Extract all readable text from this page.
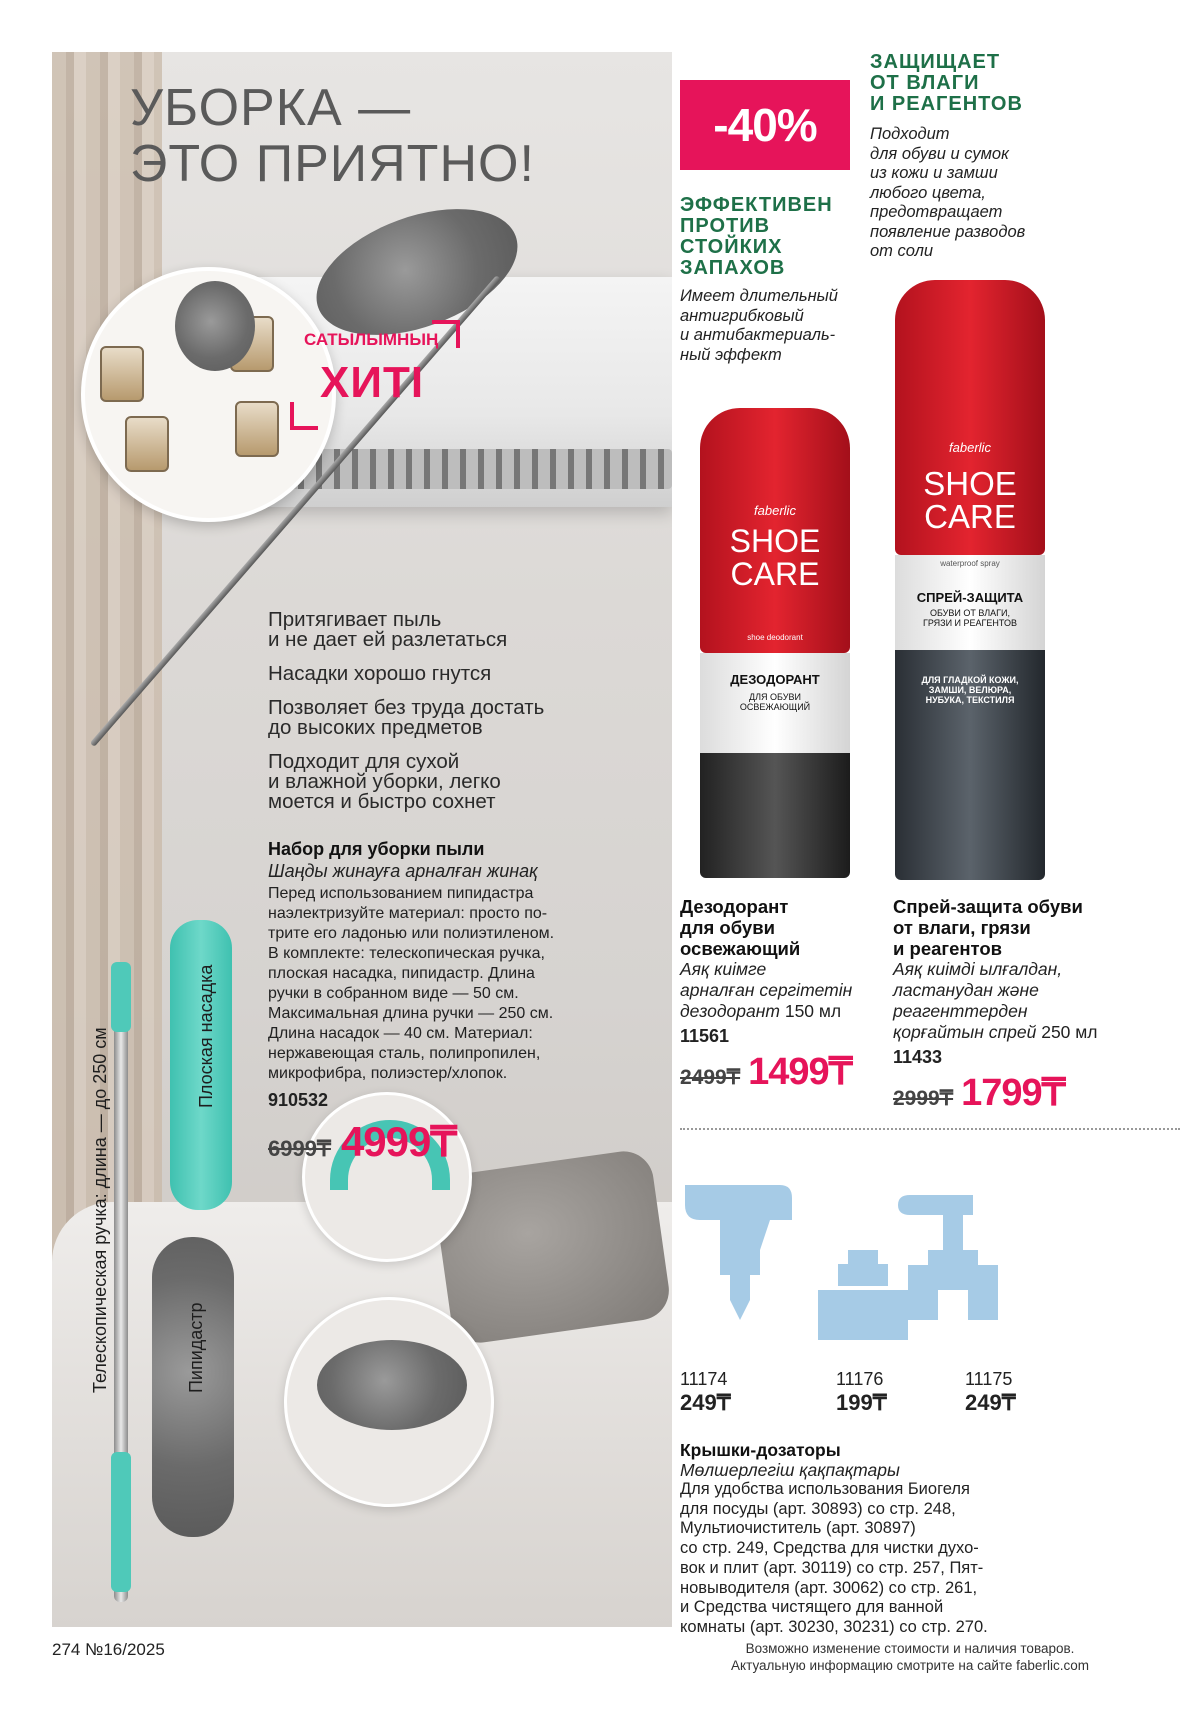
УБОРКА —
ЭТО ПРИЯТНО!
САТЫЛЫМНЫҢ
ХИТІ
Притягивает пыль
и не дает ей разлетаться
Насадки хорошо гнутся
Позволяет без труда достать
до высоких предметов
Подходит для сухой
и влажной уборки, легко
моется и быстро сохнет
Набор для уборки пыли
Шаңды жинауға арналған жинақ
Перед использованием пипидастра
наэлектризуйте материал: просто по-
трите его ладонью или полиэтиленом.
В комплекте: телескопическая ручка,
плоская насадка, пипидастр. Длина
ручки в собранном виде — 50 см.
Максимальная длина ручки — 250 см.
Длина насадок — 40 см. Материал:
нержавеющая сталь, полипропилен,
микрофибра, полиэстер/хлопок.
910532
6999₸ 4999₸
Телескопическая ручка: длина — до 250 см	Плоская насадка
Пипидастр
-40%
ЗАЩИЩАЕТ
ОТ ВЛАГИ
И РЕАГЕНТОВ
Подходит
для обуви и сумок
из кожи и замши
любого цвета,
предотвращает
появление разводов
от соли
ЭФФЕКТИВЕН
ПРОТИВ
СТОЙКИХ
ЗАПАХОВ
Имеет длительный
антигрибковый
и антибактериаль-
ный эффект
faberlic
SHOE
CARE
shoe deodorant
ДЕЗОДОРАНТ
ДЛЯ ОБУВИ
ОСВЕЖАЮЩИЙ
faberlic
SHOE
CARE
waterproof spray
СПРЕЙ-ЗАЩИТА
ОБУВИ ОТ ВЛАГИ,
ГРЯЗИ И РЕАГЕНТОВ
ДЛЯ ГЛАДКОЙ КОЖИ,
ЗАМШИ, ВЕЛЮРА,
НУБУКА, ТЕКСТИЛЯ
Дезодорант
для обуви
освежающий
Аяқ киімге
арналған сергітетін
дезодорант 150 мл
11561
2499₸ 1499₸
Спрей-защита обуви
от влаги, грязи
и реагентов
Аяқ киімді ылғалдан,
ластанудан және
реагенттерден
қорғайтын спрей 250 мл
11433
2999₸ 1799₸
11174
249₸
11176
199₸
11175
249₸
Крышки-дозаторы
Мөлшерлегіш қақпақтары
Для удобства использования Биогеля
для посуды (арт. 30893) со стр. 248,
Мультиочиститель (арт. 30897)
со стр. 249, Средства для чистки духо-
вок и плит (арт. 30119) со стр. 257, Пят-
новыводителя (арт. 30062) со стр. 261,
и Средства чистящего для ванной
комнаты (арт. 30230, 30231) со стр. 270.
274 №16/2025	Возможно изменение стоимости и наличия товаров.
Актуальную информацию смотрите на сайте faberlic.com
